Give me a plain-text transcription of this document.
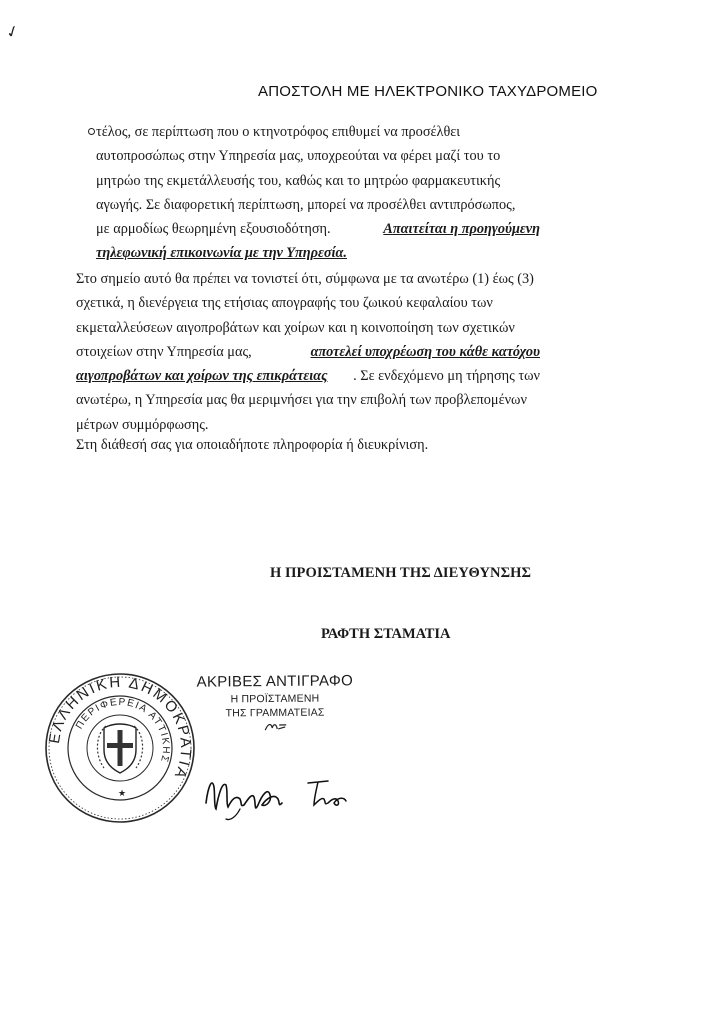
✓
ΑΠΟΣΤΟΛΗ ΜΕ ΗΛΕΚΤΡΟΝΙΚΟ ΤΑΧΥΔΡΟΜΕΙΟ
τέλος, σε περίπτωση που ο κτηνοτρόφος επιθυμεί να προσέλθει
αυτοπροσώπως στην Υπηρεσία μας, υποχρεούται να φέρει μαζί του το
μητρώο της εκμετάλλευσής του, καθώς και το μητρώο φαρμακευτικής
αγωγής. Σε διαφορετική περίπτωση, μπορεί να προσέλθει αντιπρόσωπος,
με αρμοδίως θεωρημένη εξουσιοδότηση.	Απαιτείται η προηγούμενη
τηλεφωνική επικοινωνία με την Υπηρεσία.
Στο σημείο αυτό θα πρέπει να τονιστεί ότι, σύμφωνα με τα ανωτέρω (1) έως (3)
σχετικά, η διενέργεια της ετήσιας απογραφής του ζωικού κεφαλαίου των
εκμεταλλεύσεων αιγοπροβάτων και χοίρων και η κοινοποίηση των σχετικών
στοιχείων στην Υπηρεσία μας,	αποτελεί υποχρέωση του κάθε κατόχου
αιγοπροβάτων και χοίρων της επικράτειας . Σε ενδεχόμενο μη τήρησης των
ανωτέρω, η Υπηρεσία μας θα μεριμνήσει για την επιβολή των προβλεπομένων
μέτρων συμμόρφωσης.
Στη διάθεσή σας για οποιαδήποτε πληροφορία ή διευκρίνιση.
Η ΠΡΟΙΣΤΑΜΕΝΗ ΤΗΣ ΔΙΕΥΘΥΝΣΗΣ
ΡΑΦΤΗ ΣΤΑΜΑΤΙΑ
ΕΛΛΗΝΙΚΗ ΔΗΜΟΚΡΑΤΙΑ
ΠΕΡΙΦΕΡΕΙΑ ΑΤΤΙΚΗΣ
★
ΑΚΡΙΒΕΣ ΑΝΤΙΓΡΑΦΟ
Η ΠΡΟΪΣΤΑΜΕΝΗ
ΤΗΣ ΓΡΑΜΜΑΤΕΙΑΣ
